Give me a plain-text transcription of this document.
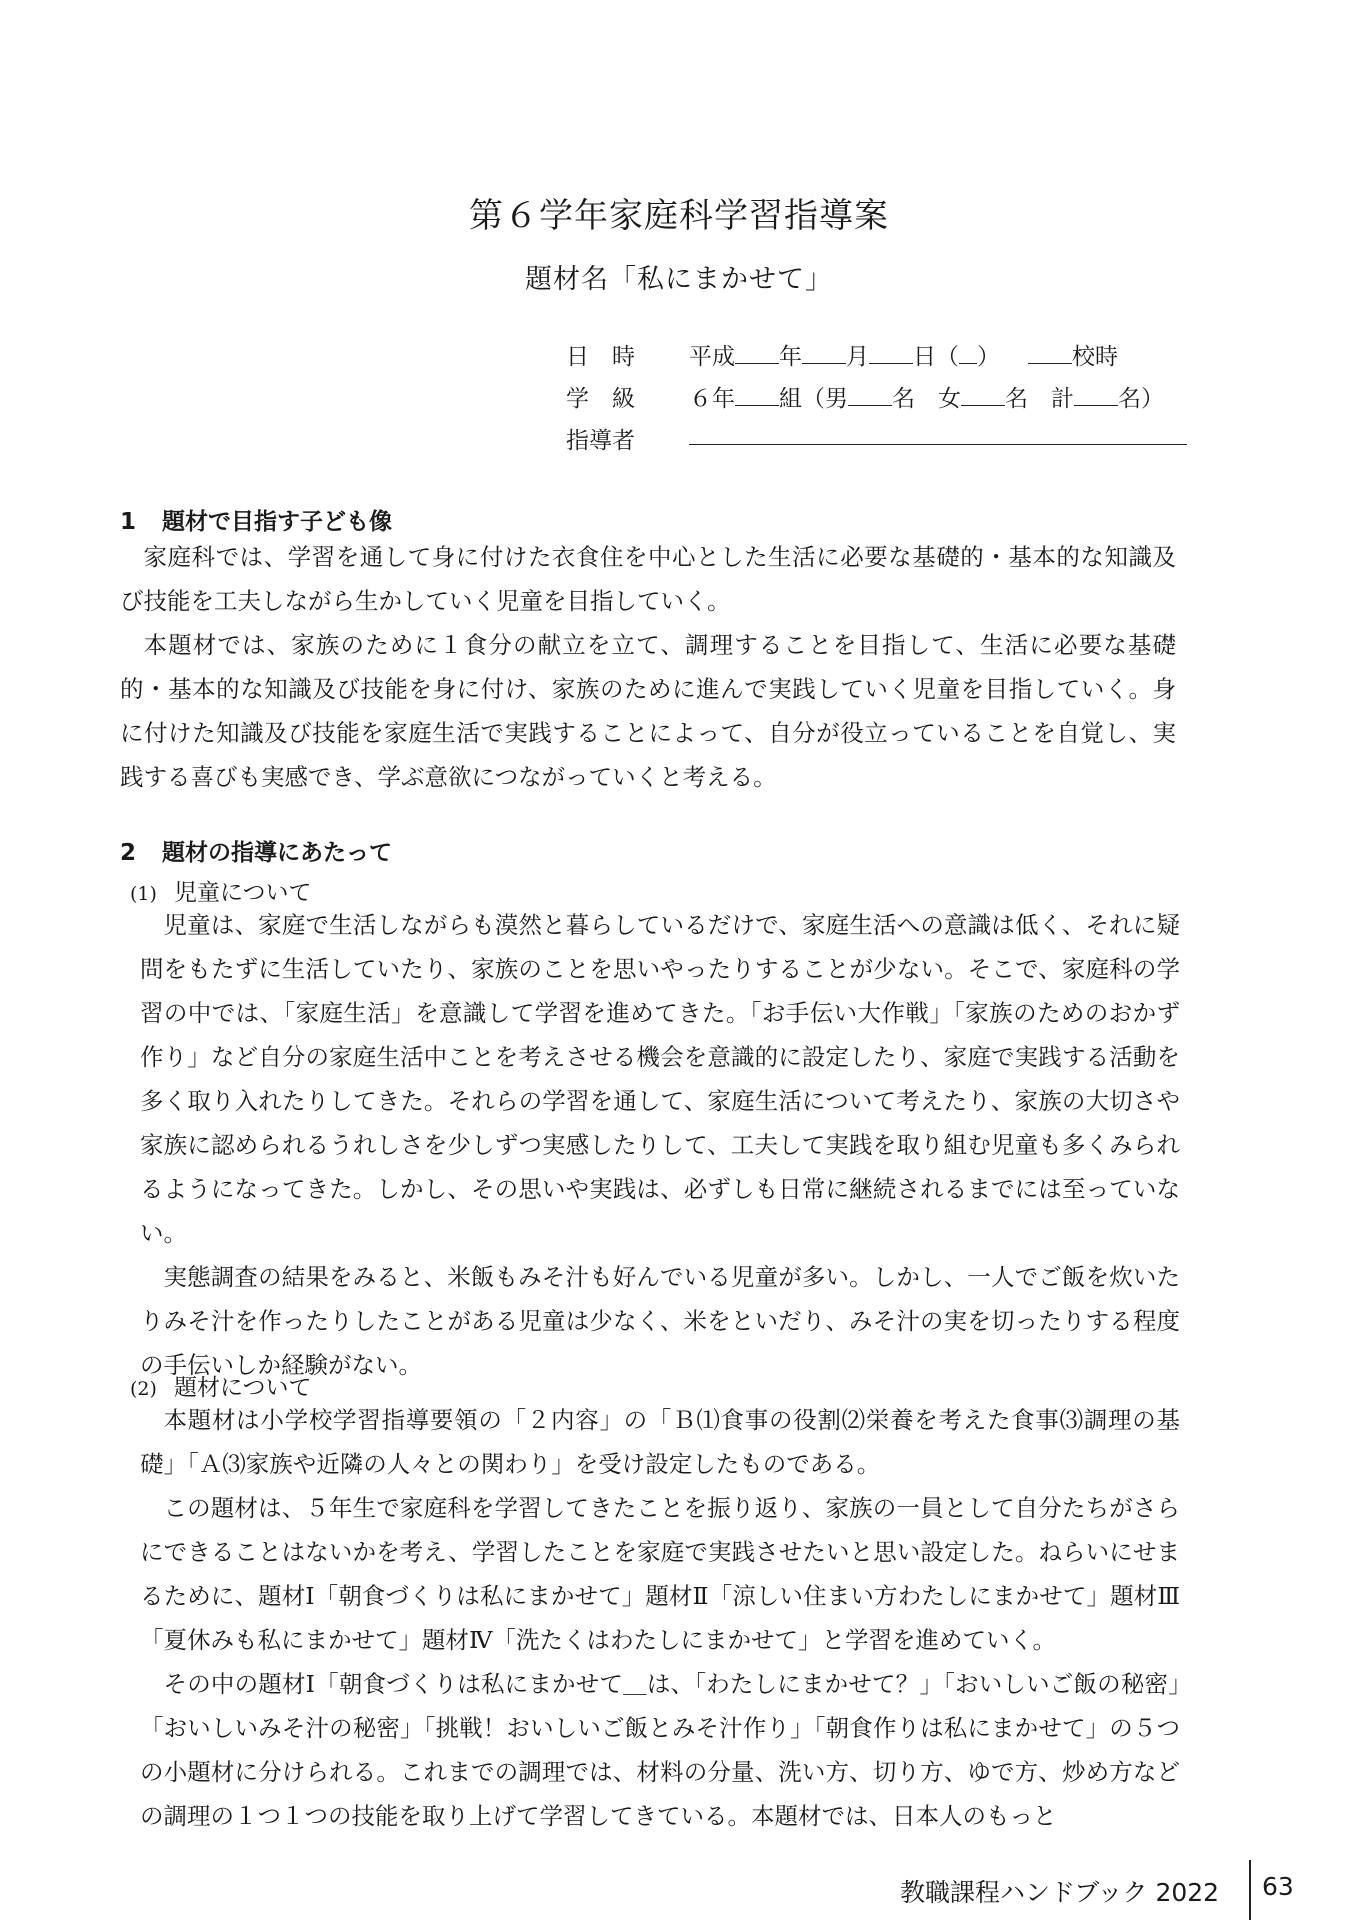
第６学年家庭科学習指導案
題材名「私にまかせて」
日　時 平成 年 月 日（ ）	校時
学　級 ６年 組（男 名　女 名　計 名）
指導者
1 題材で目指す子ども像

家庭科では、学習を通して身に付けた衣食住を中心とした生活に必要な基礎的・基本的な知識及び技能を工夫しながら生かしていく児童を目指していく。

本題材では、家族のために１食分の献立を立て、調理することを目指して、生活に必要な基礎的・基本的な知識及び技能を身に付け、家族のために進んで実践していく児童を目指していく。身に付けた知識及び技能を家庭生活で実践することによって、自分が役立っていることを自覚し、実践する喜びも実感でき、学ぶ意欲につながっていくと考える。

2 題材の指導にあたって
(1) 児童について

児童は、家庭で生活しながらも漠然と暮らしているだけで、家庭生活への意識は低く、それに疑問をもたずに生活していたり、家族のことを思いやったりすることが少ない。そこで、家庭科の学習の中では、「家庭生活」を意識して学習を進めてきた。「お手伝い大作戦」「家族のためのおかず作り」など自分の家庭生活中ことを考えさせる機会を意識的に設定したり、家庭で実践する活動を多く取り入れたりしてきた。それらの学習を通して、家庭生活について考えたり、家族の大切さや家族に認められるうれしさを少しずつ実感したりして、工夫して実践を取り組む児童も多くみられるようになってきた。しかし、その思いや実践は、必ずしも日常に継続されるまでには至っていない。

実態調査の結果をみると、米飯もみそ汁も好んでいる児童が多い。しかし、一人でご飯を炊いたりみそ汁を作ったりしたことがある児童は少なく、米をといだり、みそ汁の実を切ったりする程度の手伝いしか経験がない。

(2) 題材について

本題材は小学校学習指導要領の「２内容」の「Ｂ⑴食事の役割⑵栄養を考えた食事⑶調理の基礎」「Ａ⑶家族や近隣の人々との関わり」を受け設定したものである。

この題材は、５年生で家庭科を学習してきたことを振り返り、家族の一員として自分たちがさらにできることはないかを考え、学習したことを家庭で実践させたいと思い設定した。ねらいにせまるために、題材Ⅰ「朝食づくりは私にまかせて」題材Ⅱ「涼しい住まい方わたしにまかせて」題材Ⅲ「夏休みも私にまかせて」題材Ⅳ「洗たくはわたしにまかせて」と学習を進めていく。

その中の題材Ⅰ「朝食づくりは私にまかせて＿は、「わたしにまかせて？」「おいしいご飯の秘密」「おいしいみそ汁の秘密」「挑戦！おいしいご飯とみそ汁作り」「朝食作りは私にまかせて」の５つの小題材に分けられる。これまでの調理では、材料の分量、洗い方、切り方、ゆで方、炒め方などの調理の１つ１つの技能を取り上げて学習してきている。本題材では、日本人のもっと

教職課程ハンドブック 2022 63
